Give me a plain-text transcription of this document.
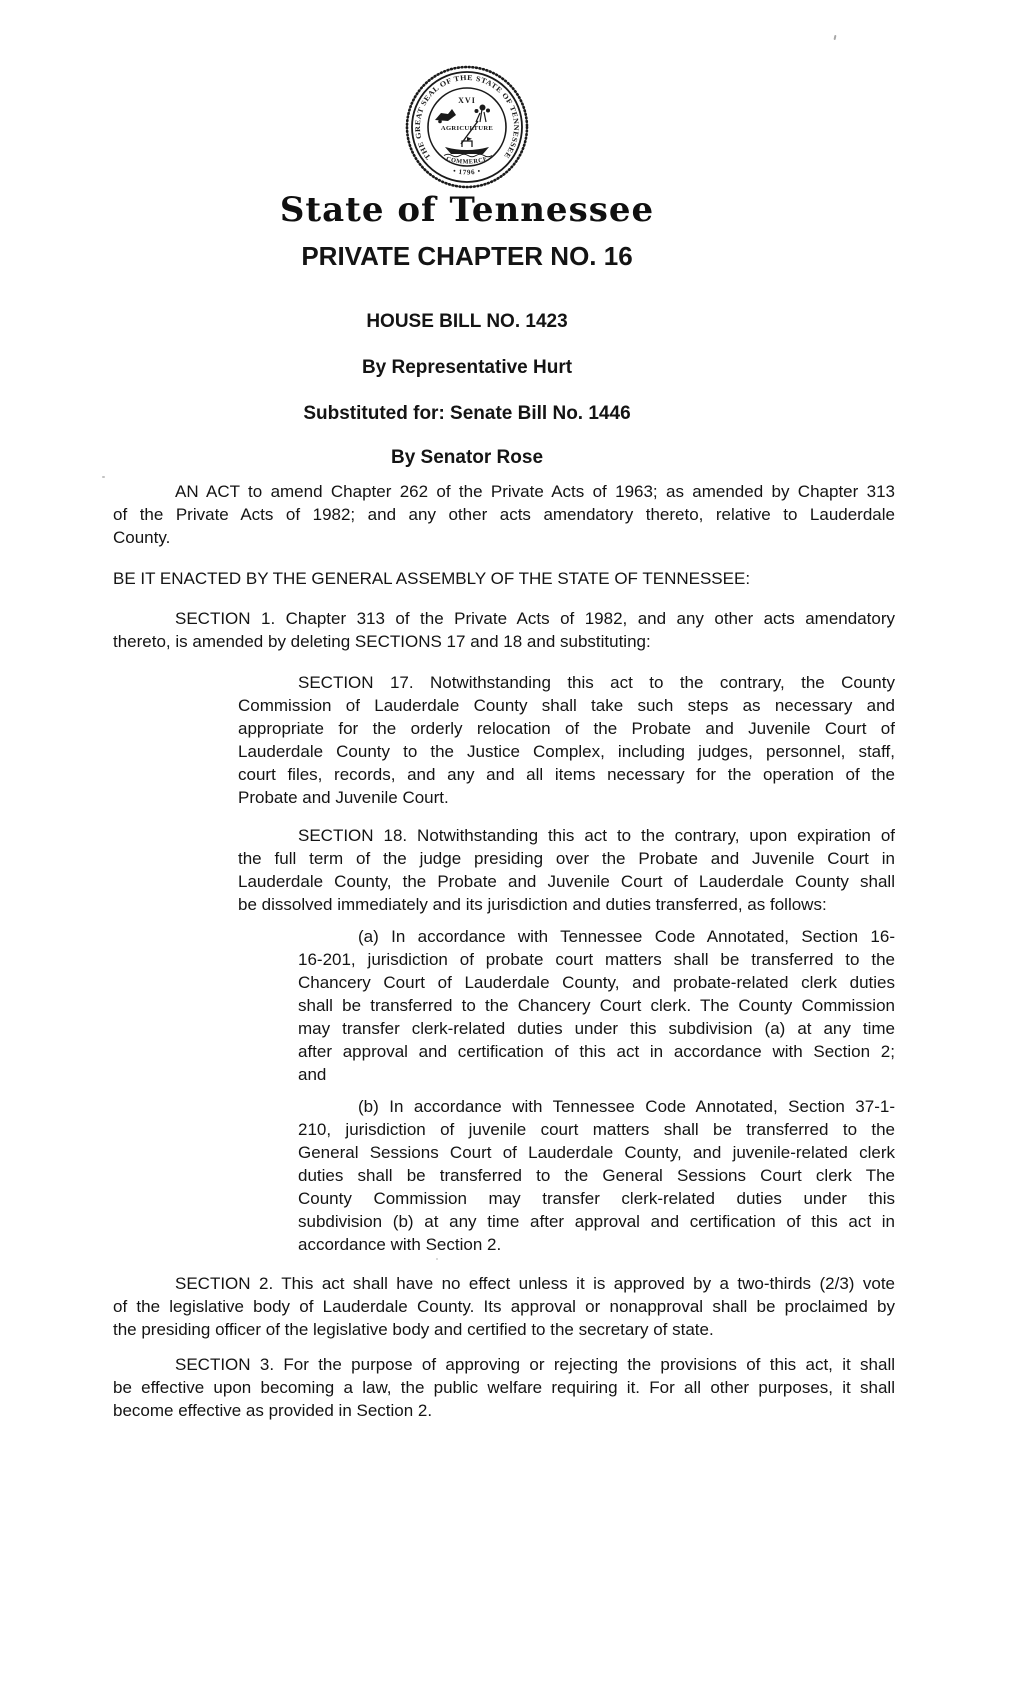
THE GREAT SEAL OF THE STATE OF TENNESSEE
• 1796 •
XVI
AGRICULTURE
COMMERCE
State of Tennessee
PRIVATE CHAPTER NO. 16
HOUSE BILL NO. 1423
By Representative Hurt
Substituted for: Senate Bill No. 1446
By Senator Rose
AN ACT to amend Chapter 262 of the Private Acts of 1963; as amended by Chapter 313
of the Private Acts of 1982; and any other acts amendatory thereto, relative to Lauderdale
County.
BE IT ENACTED BY THE GENERAL ASSEMBLY OF THE STATE OF TENNESSEE:
SECTION 1. Chapter 313 of the Private Acts of 1982, and any other acts amendatory
thereto, is amended by deleting SECTIONS 17 and 18 and substituting:
SECTION 17. Notwithstanding this act to the contrary, the County
Commission of Lauderdale County shall take such steps as necessary and
appropriate for the orderly relocation of the Probate and Juvenile Court of
Lauderdale County to the Justice Complex, including judges, personnel, staff,
court files, records, and any and all items necessary for the operation of the
Probate and Juvenile Court.
SECTION 18. Notwithstanding this act to the contrary, upon expiration of
the full term of the judge presiding over the Probate and Juvenile Court in
Lauderdale County, the Probate and Juvenile Court of Lauderdale County shall
be dissolved immediately and its jurisdiction and duties transferred, as follows:
(a) In accordance with Tennessee Code Annotated, Section 16-
16-201, jurisdiction of probate court matters shall be transferred to the
Chancery Court of Lauderdale County, and probate-related clerk duties
shall be transferred to the Chancery Court clerk. The County Commission
may transfer clerk-related duties under this subdivision (a) at any time
after approval and certification of this act in accordance with Section 2;
and
(b) In accordance with Tennessee Code Annotated, Section 37-1-
210, jurisdiction of juvenile court matters shall be transferred to the
General Sessions Court of Lauderdale County, and juvenile-related clerk
duties shall be transferred to the General Sessions Court clerk The
County Commission may transfer clerk-related duties under this
subdivision (b) at any time after approval and certification of this act in
accordance with Section 2.
SECTION 2. This act shall have no effect unless it is approved by a two-thirds (2/3) vote
of the legislative body of Lauderdale County. Its approval or nonapproval shall be proclaimed by
the presiding officer of the legislative body and certified to the secretary of state.
SECTION 3. For the purpose of approving or rejecting the provisions of this act, it shall
be effective upon becoming a law, the public welfare requiring it. For all other purposes, it shall
become effective as provided in Section 2.
